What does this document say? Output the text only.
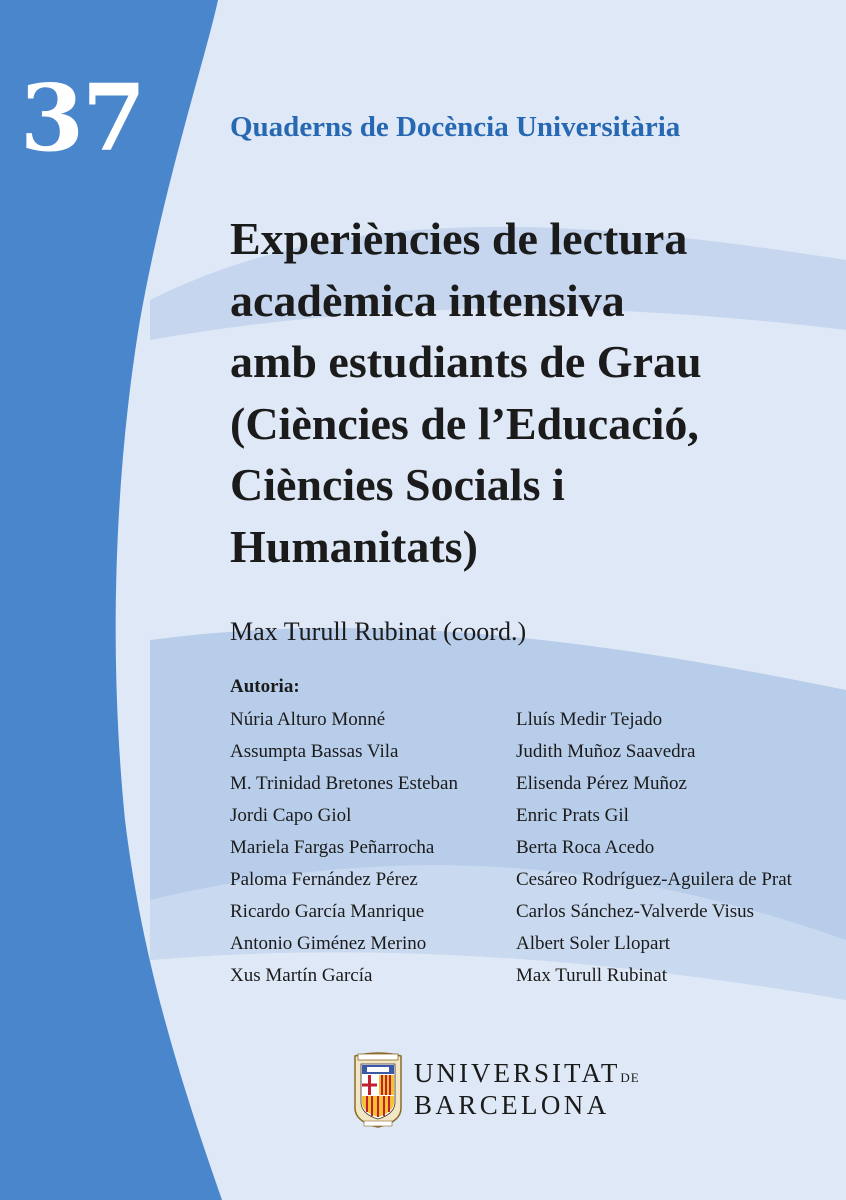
37	Quaderns de Docència Universitària
Experiències de lectura
acadèmica intensiva
amb estudiants de Grau
(Ciències de l’Educació,
Ciències Socials i
Humanitats)

Max Turull Rubinat (coord.)

Autoria:

Núria Alturo Monné
Assumpta Bassas Vila
M. Trinidad Bretones Esteban
Jordi Capo Giol
Mariela Fargas Peñarrocha
Paloma Fernández Pérez
Ricardo García Manrique
Antonio Giménez Merino
Xus Martín García
Lluís Medir Tejado
Judith Muñoz Saavedra
Elisenda Pérez Muñoz
Enric Prats Gil
Berta Roca Acedo
Cesáreo Rodríguez-Aguilera de Prat
Carlos Sánchez-Valverde Visus
Albert Soler Llopart
Max Turull Rubinat
UNIVERSITATDE
BARCELONA
